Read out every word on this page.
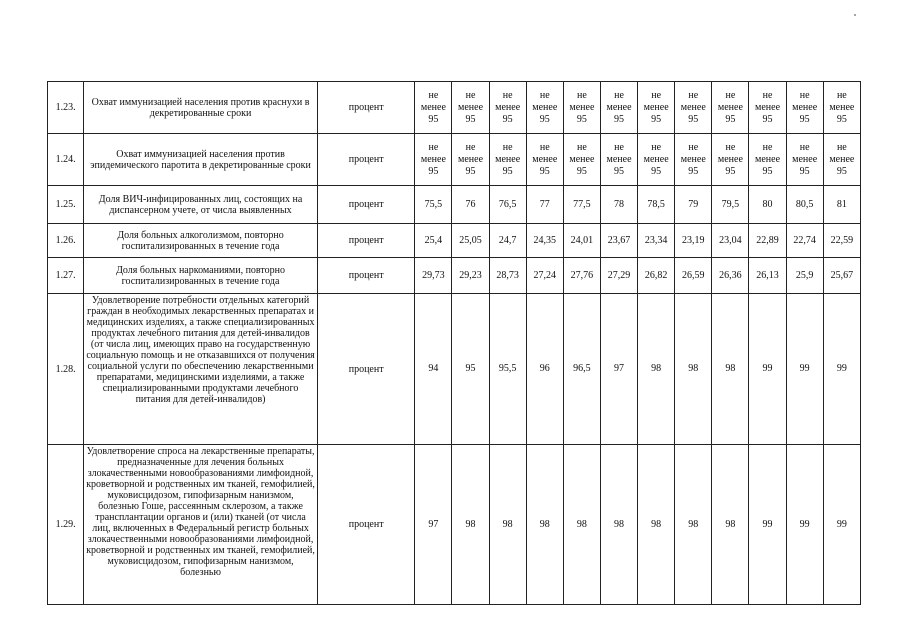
1.23.	Охват иммунизацией населения против краснухи в декретированные сроки	процент	не менее 95	не менее 95	не менее 95	не менее 95	не менее 95	не менее 95	не менее 95	не менее 95	не менее 95	не менее 95	не менее 95	не менее 95
1.24.	Охват иммунизацией населения против эпидемического паротита в декретированные сроки	процент	не менее 95	не менее 95	не менее 95	не менее 95	не менее 95	не менее 95	не менее 95	не менее 95	не менее 95	не менее 95	не менее 95	не менее 95
1.25.	Доля ВИЧ-инфицированных лиц, состоящих на диспансерном учете, от числа выявленных	процент	75,5	76	76,5	77	77,5	78	78,5	79	79,5	80	80,5	81
1.26.	Доля больных алкоголизмом, повторно госпитализированных в течение года	процент	25,4	25,05	24,7	24,35	24,01	23,67	23,34	23,19	23,04	22,89	22,74	22,59
1.27.	Доля больных наркоманиями, повторно госпитализированных в течение года	процент	29,73	29,23	28,73	27,24	27,76	27,29	26,82	26,59	26,36	26,13	25,9	25,67
1.28.	Удовлетворение потребности отдельных категорий граждан в необходимых лекарственных препаратах и медицинских изделиях, а также специализированных продуктах лечебного питания для детей-инвалидов (от числа лиц, имеющих право на государственную социальную помощь и не отказавшихся от получения социальной услуги по обеспечению лекарственными препаратами, медицинскими изделиями, а также специализированными продуктами лечебного питания для детей-инвалидов)	процент	94	95	95,5	96	96,5	97	98	98	98	99	99	99
1.29.	Удовлетворение спроса на лекарственные препараты, предназначенные для лечения больных злокачественными новообразованиями лимфоидной, кроветворной и родственных им тканей, гемофилией, муковисцидозом, гипофизарным нанизмом, болезнью Гоше, рассеянным склерозом, а также трансплантации органов и (или) тканей (от числа лиц, включенных в Федеральный регистр больных злокачественными новообразованиями лимфоидной, кроветворной и родственных им тканей, гемофилией, муковисцидозом, гипофизарным нанизмом, болезнью	процент	97	98	98	98	98	98	98	98	98	99	99	99
